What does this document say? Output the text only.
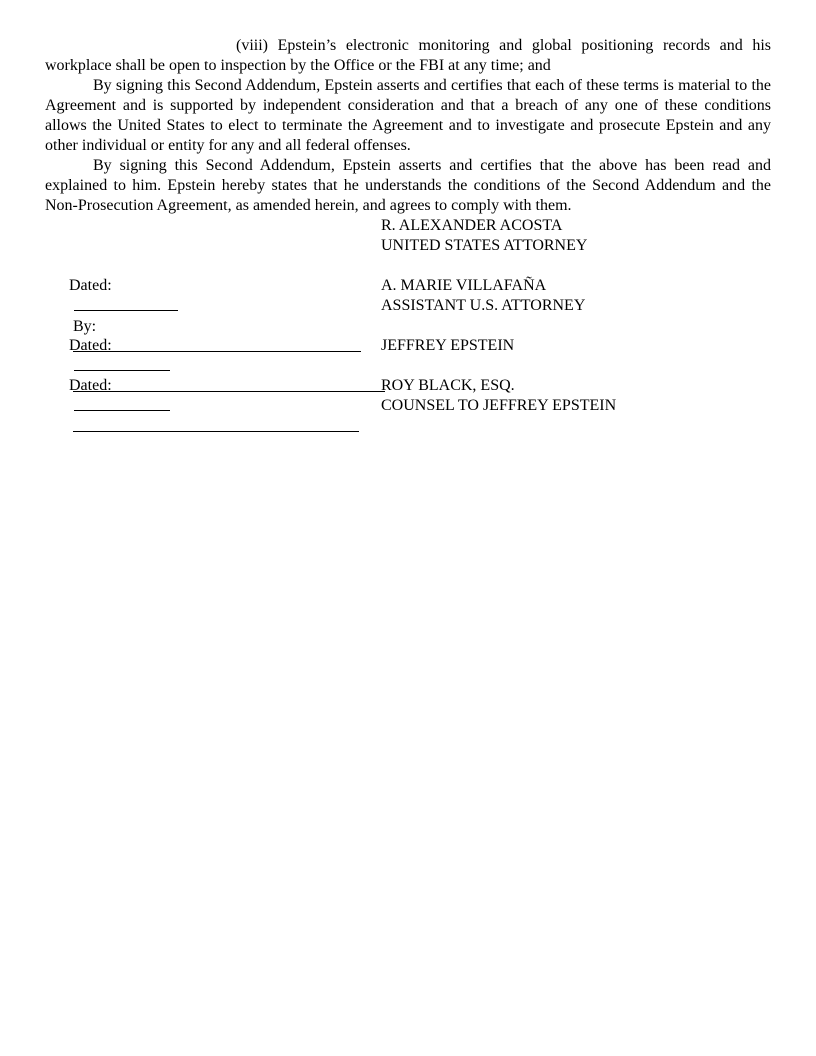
(viii) Epstein’s electronic monitoring and global positioning records and his workplace shall be open to inspection by the Office or the FBI at any time; and

By signing this Second Addendum, Epstein asserts and certifies that each of these terms is material to the Agreement and is supported by independent consideration and that a breach of any one of these conditions allows the United States to elect to terminate the Agreement and to investigate and prosecute Epstein and any other individual or entity for any and all federal offenses.

By signing this Second Addendum, Epstein asserts and certifies that the above has been read and explained to him. Epstein hereby states that he understands the conditions of the Second Addendum and the Non-Prosecution Agreement, as amended herein, and agrees to comply with them.

R. ALEXANDER ACOSTA
UNITED STATES ATTORNEY

Dated:

By:

A. MARIE VILLAFAÑA
ASSISTANT U.S. ATTORNEY

Dated:

	JEFFREY EPSTEIN

Dated:

	ROY BLACK, ESQ.
COUNSEL TO JEFFREY EPSTEIN
